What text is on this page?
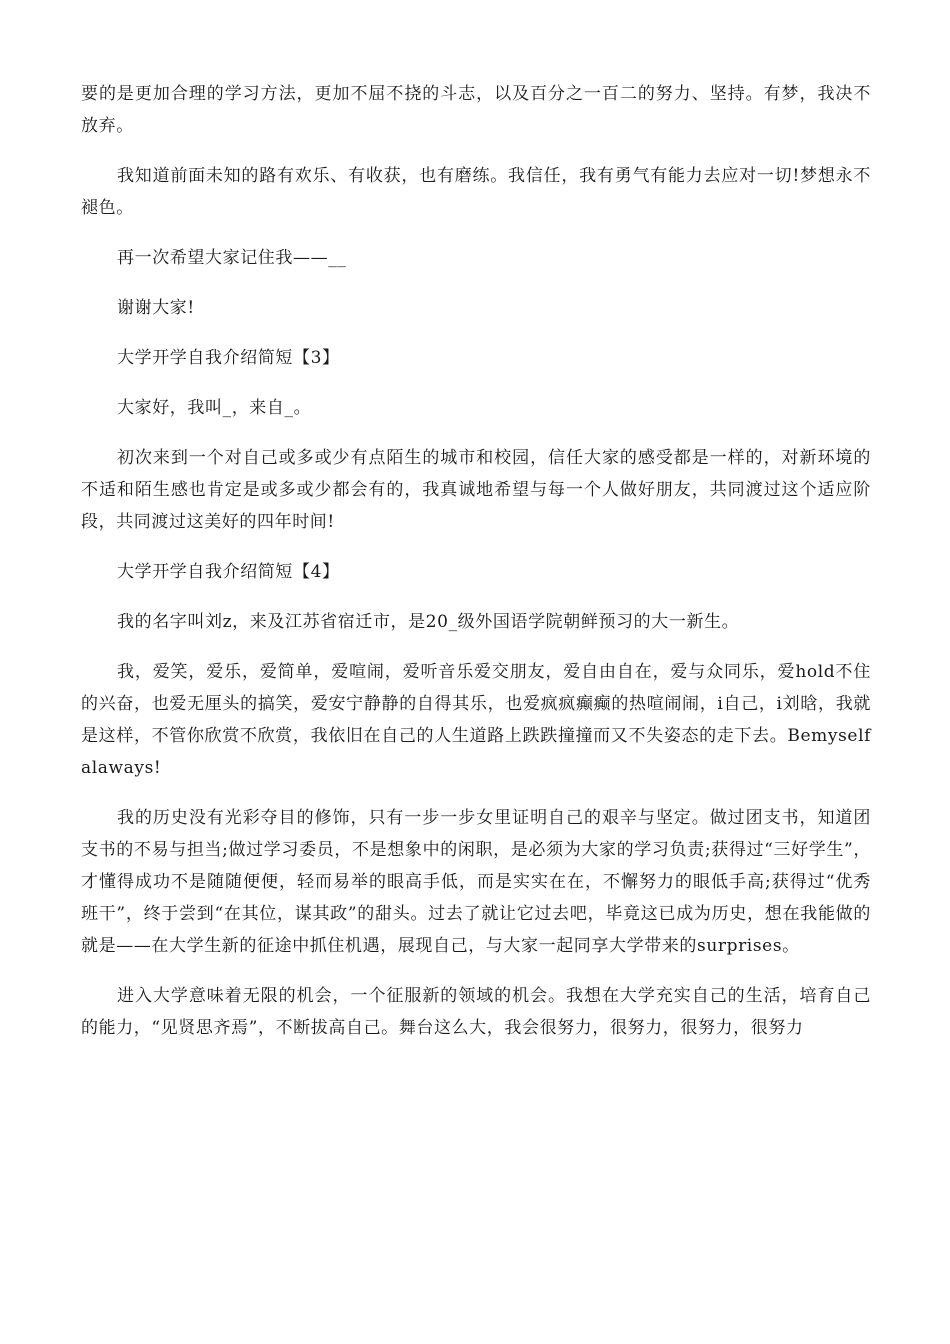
要的是更加合理的学习方法，更加不屈不挠的斗志，以及百分之一百二的努力、坚持。有梦，我决不放弃。

我知道前面未知的路有欢乐、有收获，也有磨练。我信任，我有勇气有能力去应对一切!梦想永不褪色。

再一次希望大家记住我——__

谢谢大家!

大学开学自我介绍简短【3】

大家好，我叫_，来自_。

初次来到一个对自己或多或少有点陌生的城市和校园，信任大家的感受都是一样的，对新环境的不适和陌生感也肯定是或多或少都会有的，我真诚地希望与每一个人做好朋友，共同渡过这个适应阶段，共同渡过这美好的四年时间!

大学开学自我介绍简短【4】

我的名字叫刘z，来及江苏省宿迁市，是20_级外国语学院朝鲜预习的大一新生。

我，爱笑，爱乐，爱简单，爱喧闹，爱听音乐爱交朋友，爱自由自在，爱与众同乐，爱hold不住的兴奋，也爱无厘头的搞笑，爱安宁静静的自得其乐，也爱疯疯癫癫的热喧闹闹，i自己，i刘晗，我就是这样，不管你欣赏不欣赏，我依旧在自己的人生道路上跌跌撞撞而又不失姿态的走下去。Bemyselfalaways!

我的历史没有光彩夺目的修饰，只有一步一步女里证明自己的艰辛与坚定。做过团支书，知道团支书的不易与担当;做过学习委员，不是想象中的闲职，是必须为大家的学习负责;获得过“三好学生”，才懂得成功不是随随便便，轻而易举的眼高手低，而是实实在在，不懈努力的眼低手高;获得过“优秀班干”，终于尝到“在其位，谋其政”的甜头。过去了就让它过去吧，毕竟这已成为历史，想在我能做的就是——在大学生新的征途中抓住机遇，展现自己，与大家一起同享大学带来的surprises。

进入大学意味着无限的机会，一个征服新的领域的机会。我想在大学充实自己的生活，培育自己的能力，“见贤思齐焉”，不断拔高自己。舞台这么大，我会很努力，很努力，很努力，很努力
